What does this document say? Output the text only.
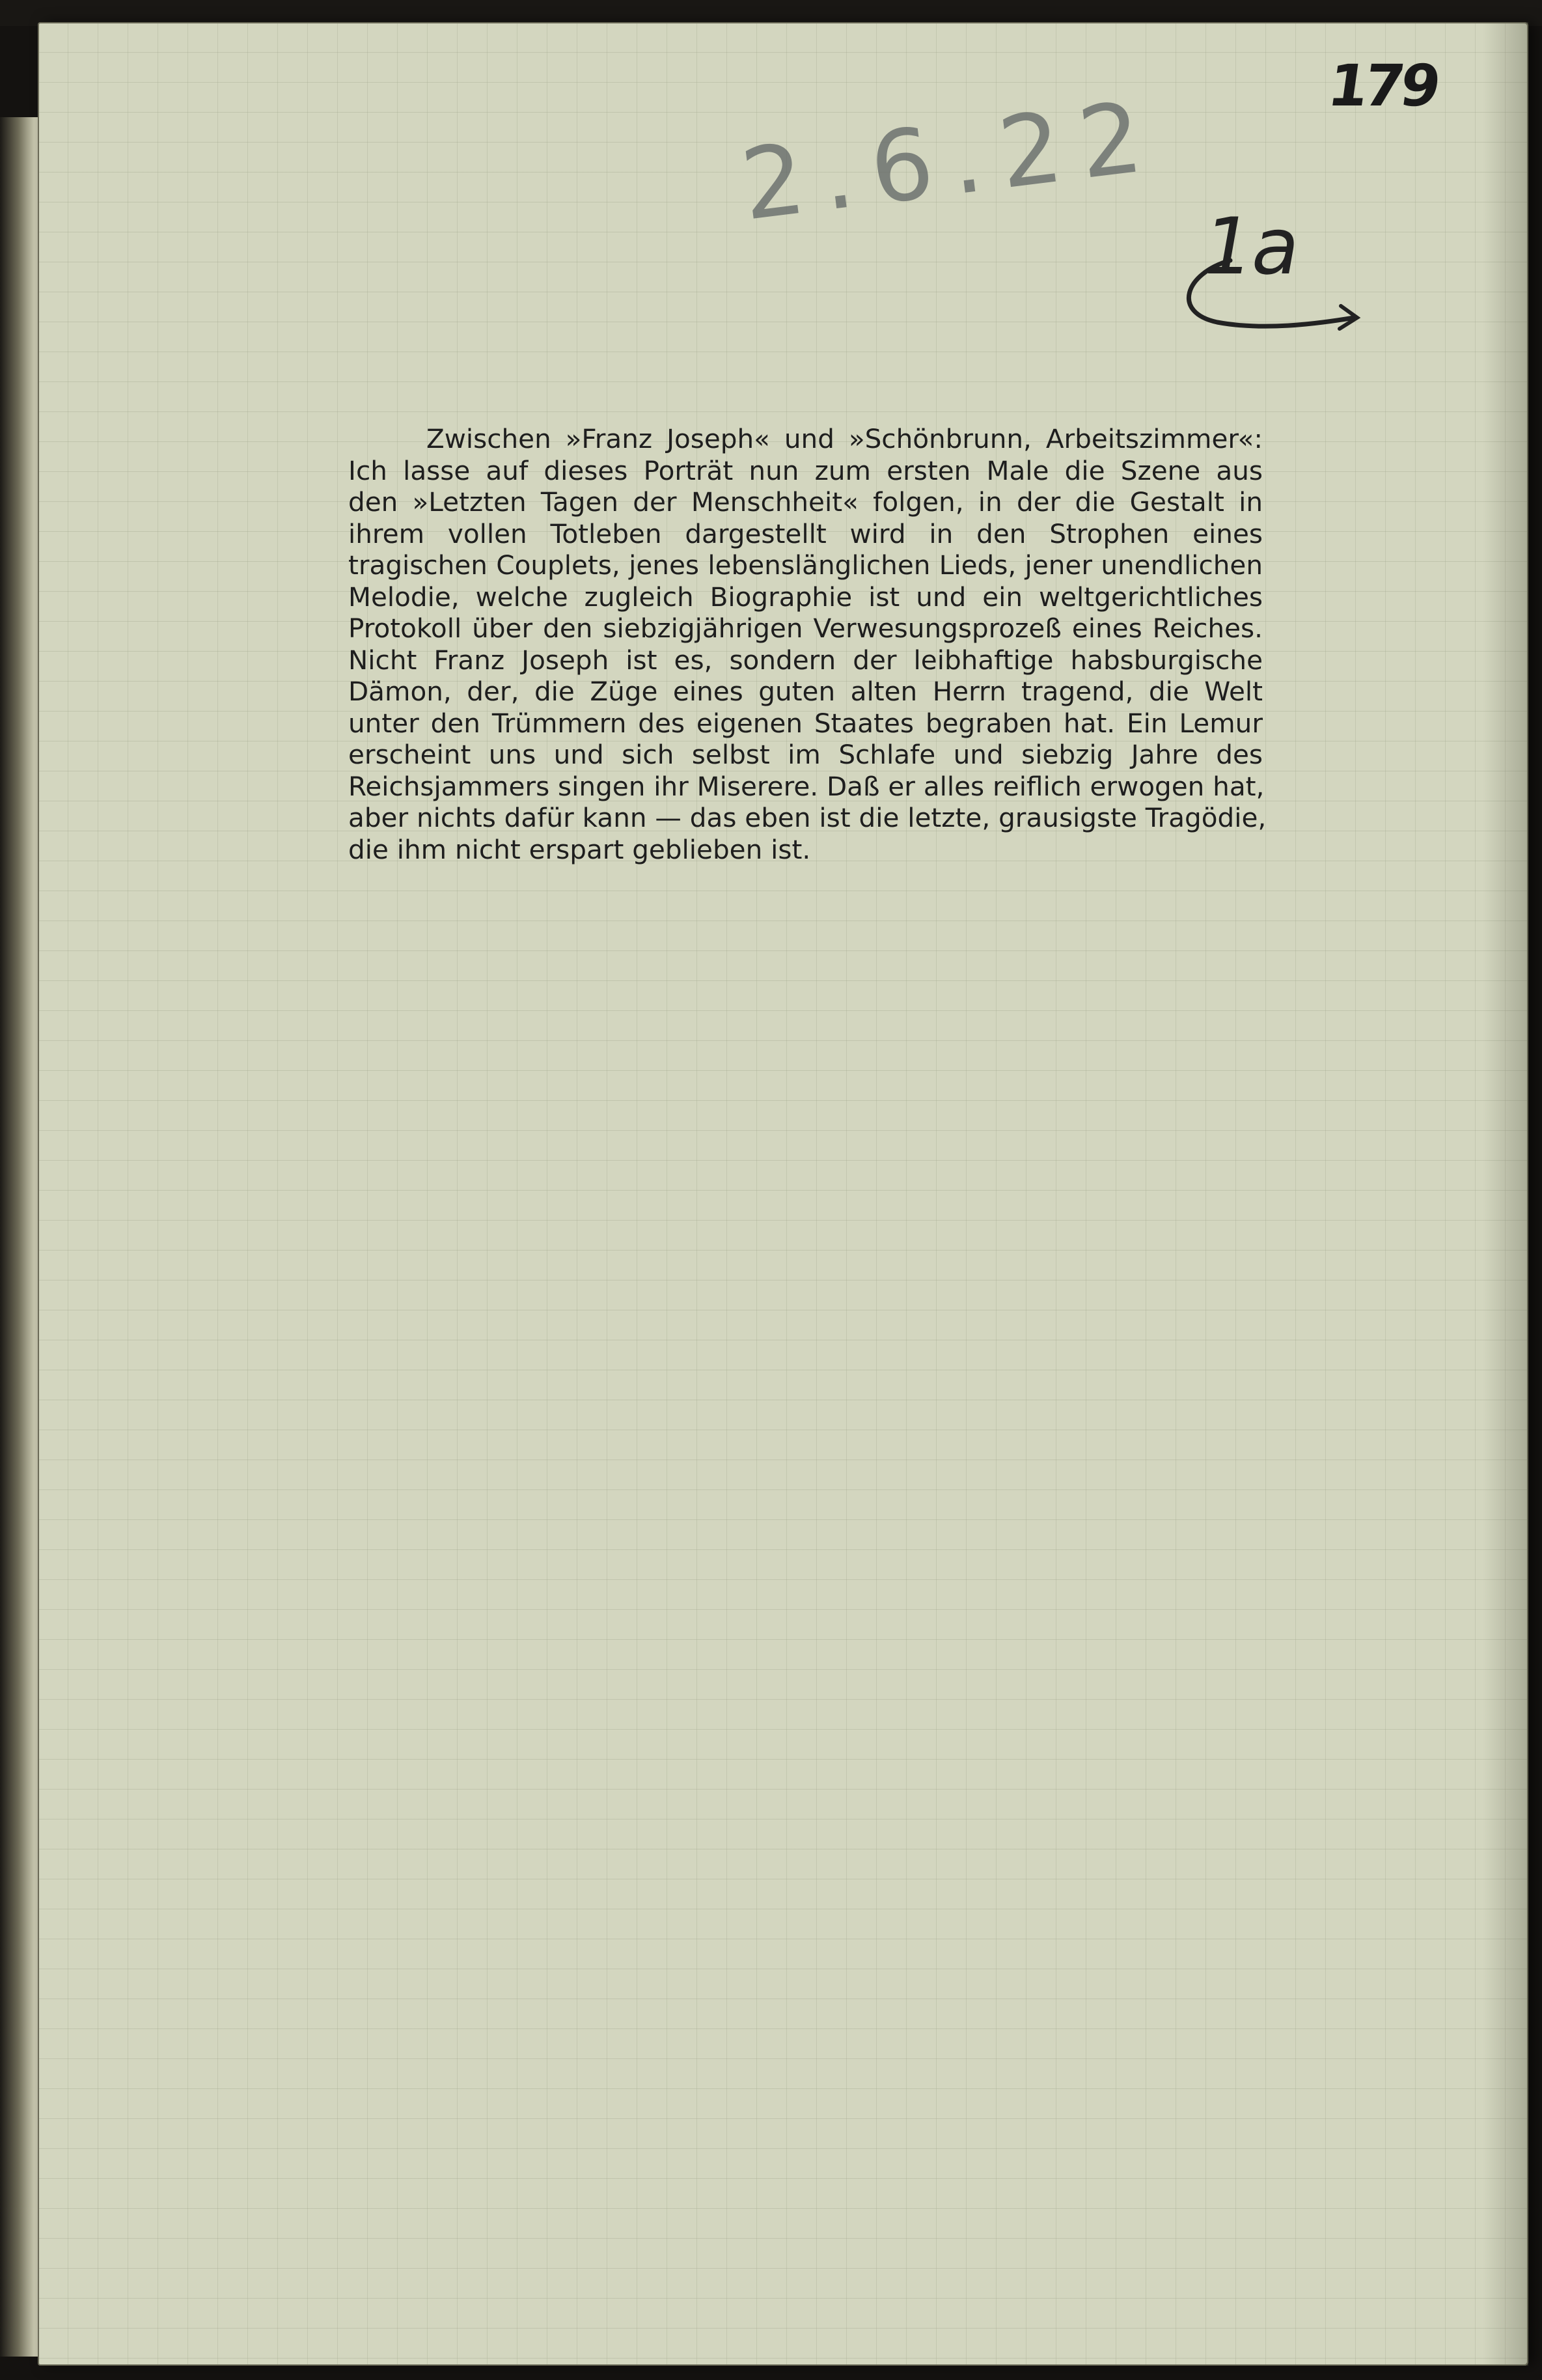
179
2.6.22
1a
Zwischen »Franz Joseph« und »Schönbrunn, Arbeitszimmer«:
Ich lasse auf dieses Porträt nun zum ersten Male die Szene aus
den »Letzten Tagen der Menschheit« folgen, in der die Gestalt in
ihrem vollen Totleben dargestellt wird in den Strophen eines
tragischen Couplets, jenes lebenslänglichen Lieds, jener unendlichen
Melodie, welche zugleich Biographie ist und ein weltgerichtliches
Protokoll über den siebzigjährigen Verwesungsprozeß eines Reiches.
Nicht Franz Joseph ist es, sondern der leibhaftige habsburgische
Dämon, der, die Züge eines guten alten Herrn tragend, die Welt
unter den Trümmern des eigenen Staates begraben hat. Ein Lemur
erscheint uns und sich selbst im Schlafe und siebzig Jahre des
Reichsjammers singen ihr Miserere. Daß er alles reiflich erwogen hat,
aber nichts dafür kann — das eben ist die letzte, grausigste Tragödie,
die ihm nicht erspart geblieben ist.
